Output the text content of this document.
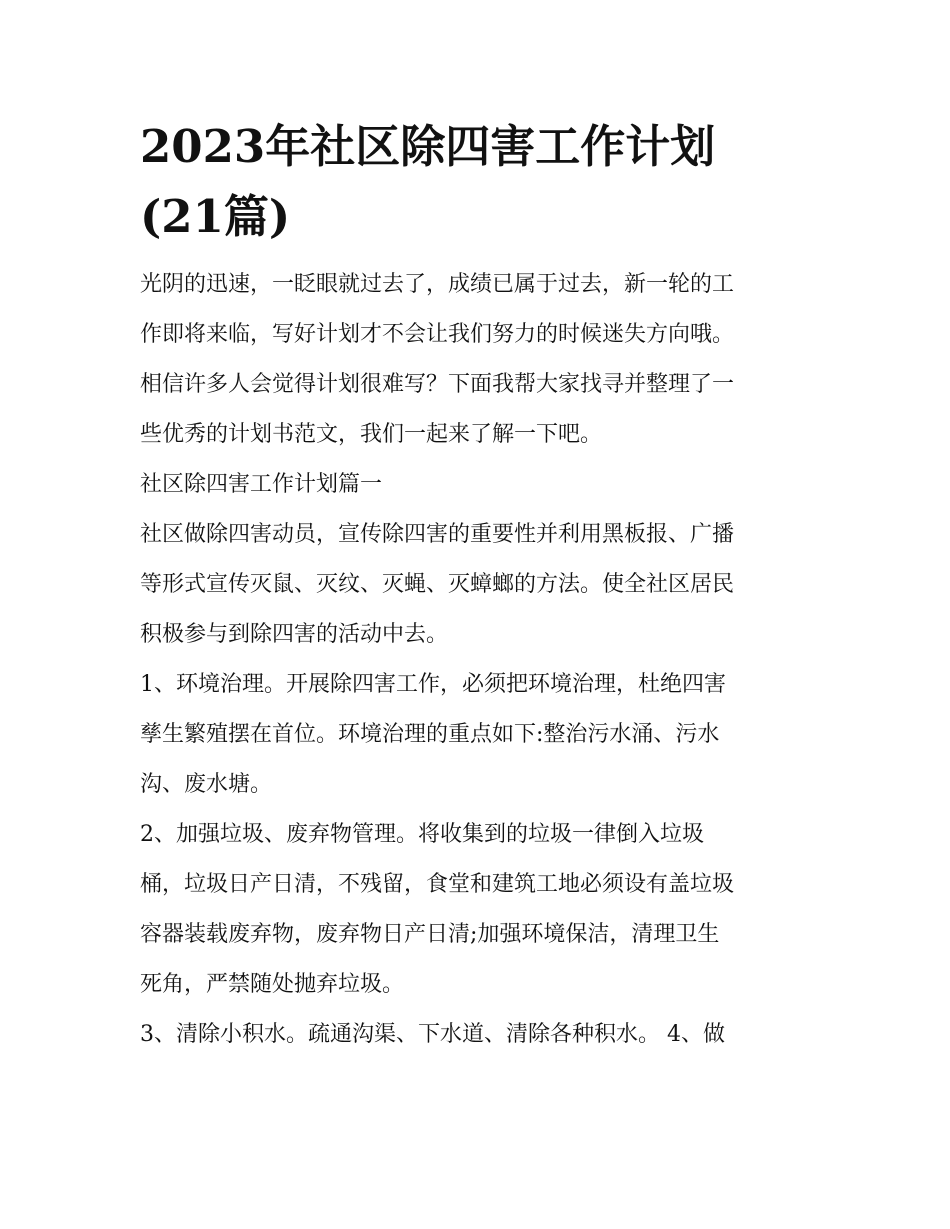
2023年社区除四害工作计划
(21篇)

光阴的迅速，一眨眼就过去了，成绩已属于过去，新一轮的工
作即将来临，写好计划才不会让我们努力的时候迷失方向哦。
相信许多人会觉得计划很难写？下面我帮大家找寻并整理了一
些优秀的计划书范文，我们一起来了解一下吧。

社区除四害工作计划篇一

社区做除四害动员，宣传除四害的重要性并利用黑板报、广播
等形式宣传灭鼠、灭纹、灭蝇、灭蟑螂的方法。使全社区居民
积极参与到除四害的活动中去。

1、环境治理。开展除四害工作，必须把环境治理，杜绝四害
孳生繁殖摆在首位。环境治理的重点如下:整治污水涌、污水
沟、废水塘。

2、加强垃圾、废弃物管理。将收集到的垃圾一律倒入垃圾
桶，垃圾日产日清，不残留，食堂和建筑工地必须设有盖垃圾
容器装载废弃物，废弃物日产日清;加强环境保洁，清理卫生
死角，严禁随处抛弃垃圾。

3、清除小积水。疏通沟渠、下水道、清除各种积水。 4、做
